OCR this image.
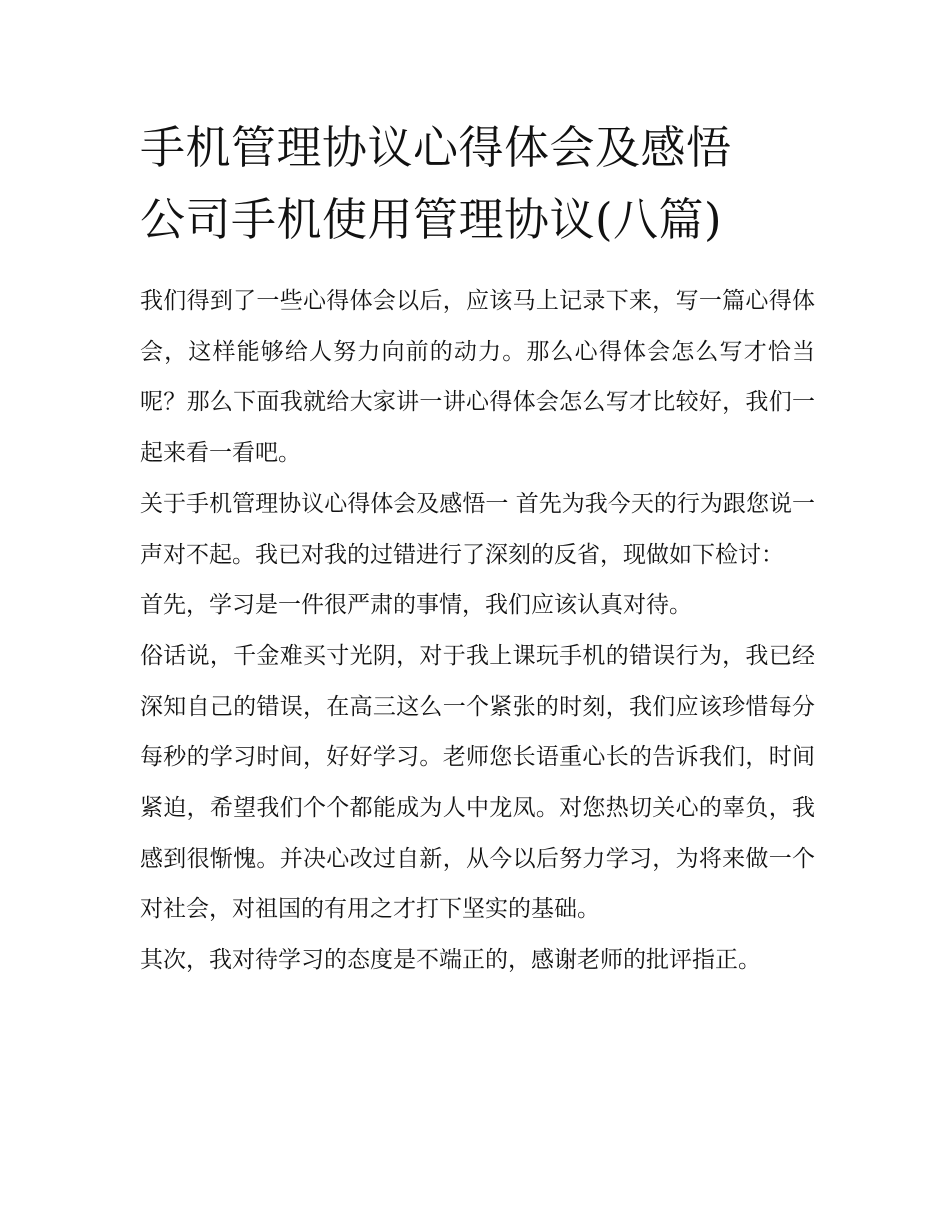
手机管理协议心得体会及感悟
公司手机使用管理协议(八篇)

我们得到了一些心得体会以后，应该马上记录下来，写一篇心得体会，这样能够给人努力向前的动力。那么心得体会怎么写才恰当呢？那么下面我就给大家讲一讲心得体会怎么写才比较好，我们一起来看一看吧。

关于手机管理协议心得体会及感悟一 首先为我今天的行为跟您说一声对不起。我已对我的过错进行了深刻的反省，现做如下检讨：

首先，学习是一件很严肃的事情，我们应该认真对待。

俗话说，千金难买寸光阴，对于我上课玩手机的错误行为，我已经深知自己的错误，在高三这么一个紧张的时刻，我们应该珍惜每分每秒的学习时间，好好学习。老师您长语重心长的告诉我们，时间紧迫，希望我们个个都能成为人中龙凤。对您热切关心的辜负，我感到很惭愧。并决心改过自新，从今以后努力学习，为将来做一个对社会，对祖国的有用之才打下坚实的基础。

其次，我对待学习的态度是不端正的，感谢老师的批评指正。
